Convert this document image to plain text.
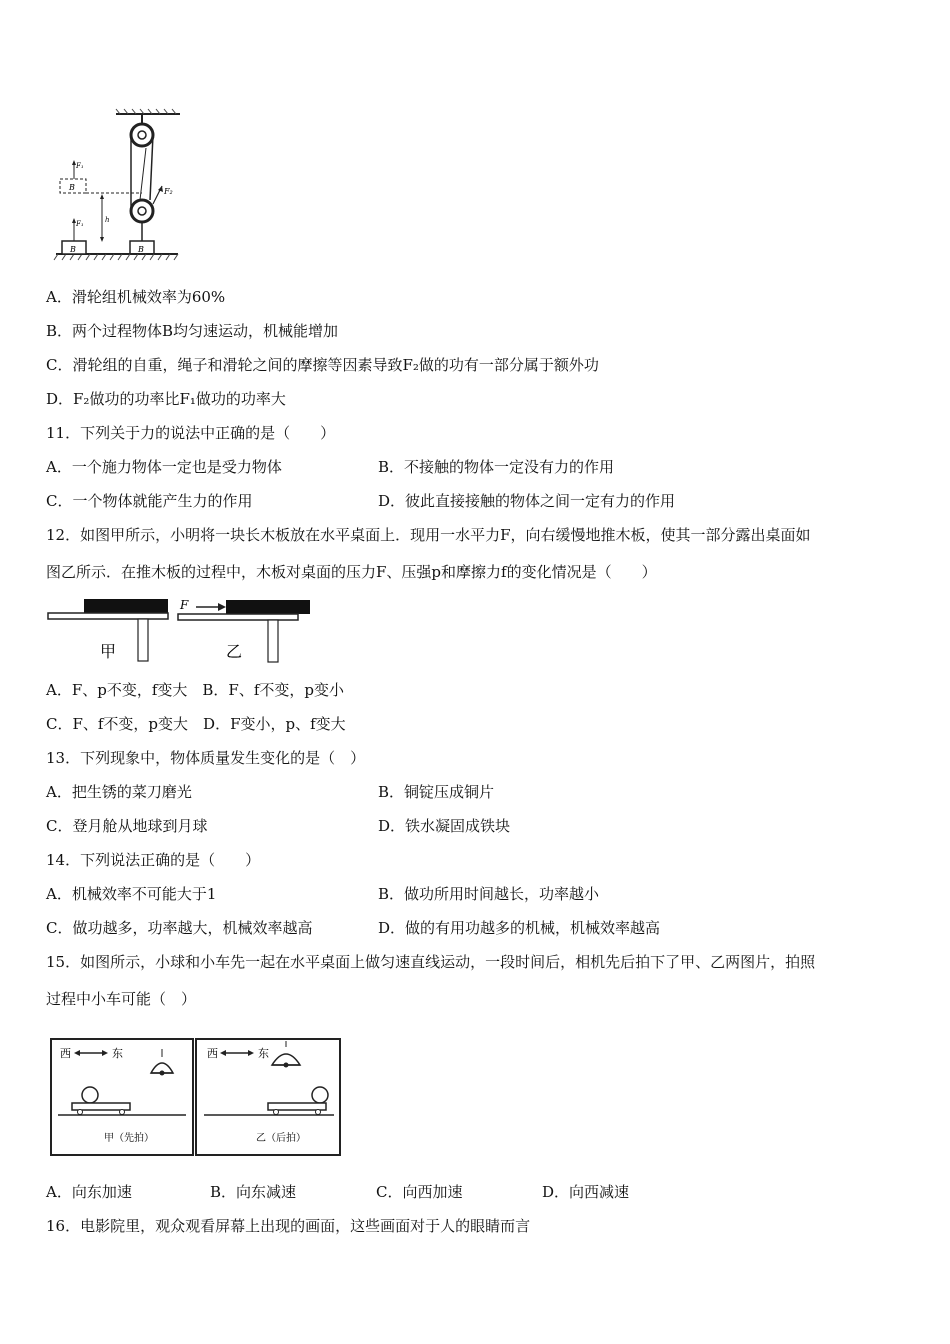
F₂
B
B
F₁
B
F₁
h
A．滑轮组机械效率为60%
B．两个过程物体B均匀速运动，机械能增加
C．滑轮组的自重，绳子和滑轮之间的摩擦等因素导致F₂做的功有一部分属于额外功
D．F₂做功的功率比F₁做功的功率大
11．下列关于力的说法中正确的是（　　）
A．一个施力物体一定也是受力物体	B．不接触的物体一定没有力的作用
C．一个物体就能产生力的作用	D．彼此直接接触的物体之间一定有力的作用
12．如图甲所示，小明将一块长木板放在水平桌面上．现用一水平力F，向右缓慢地推木板，使其一部分露出桌面如
图乙所示．在推木板的过程中，木板对桌面的压力F、压强p和摩擦力f的变化情况是（　　）
甲	乙
F
A．F、p不变，f变大　B．F、f不变，p变小
C．F、f不变，p变大　D．F变小，p、f变大
13．下列现象中，物体质量发生变化的是（　）
A．把生锈的菜刀磨光	B．铜锭压成铜片
C．登月舱从地球到月球	D．铁水凝固成铁块
14．下列说法正确的是（　　）
A．机械效率不可能大于1	B．做功所用时间越长，功率越小
C．做功越多，功率越大，机械效率越高	D．做的有用功越多的机械，机械效率越高
15．如图所示，小球和小车先一起在水平桌面上做匀速直线运动，一段时间后，相机先后拍下了甲、乙两图片，拍照
过程中小车可能（　）
西	东
甲（先拍）
西	东
乙（后拍）
A．向东加速	B．向东减速	C．向西加速	D．向西减速
16．电影院里，观众观看屏幕上出现的画面，这些画面对于人的眼睛而言
